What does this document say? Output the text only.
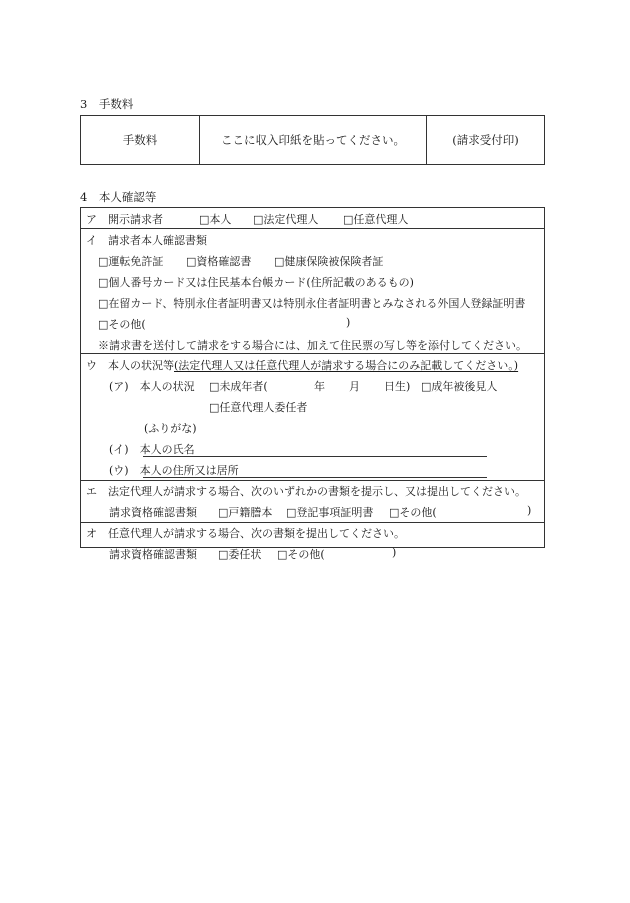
3　手数料
手数料	ここに収入印紙を貼ってください。	(請求受付印)
4　本人確認等
ア　開示請求者	□本人 □法定代理人 □任意代理人
イ　請求者本人確認書類
□運転免許証 □資格確認書 □健康保険被保険者証
□個人番号カード又は住民基本台帳カード(住所記載のあるもの)
□在留カード、特別永住者証明書又は特別永住者証明書とみなされる外国人登録証明書
□その他(	)
※請求書を送付して請求をする場合には、加えて住民票の写し等を添付してください。
ウ　本人の状況等(法定代理人又は任意代理人が請求する場合にのみ記載してください。)
(ア)　本人の状況 □未成年者(	年 月 日生) □成年被後見人
□任意代理人委任者
(ふりがな)
(イ)　本人の氏名
(ウ)　本人の住所又は居所
エ　法定代理人が請求する場合、次のいずれかの書類を提示し、又は提出してください。
請求資格確認書類 □戸籍謄本 □登記事項証明書 □その他(	)
オ　任意代理人が請求する場合、次の書類を提出してください。
請求資格確認書類 □委任状 □その他(	)
